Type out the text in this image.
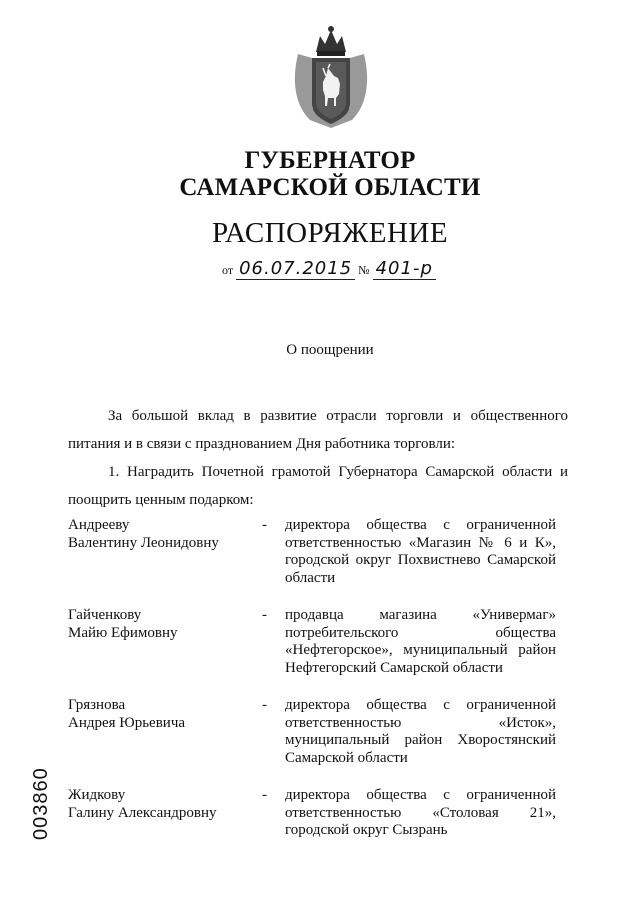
ГУБЕРНАТОР
САМАРСКОЙ ОБЛАСТИ
РАСПОРЯЖЕНИЕ
от 06.07.2015 № 401-р
О поощрении
За большой вклад в развитие отрасли торговли и общественного питания и в связи с празднованием Дня работника торговли:
1. Наградить Почетной грамотой Губернатора Самарской области и поощрить ценным подарком:
Андрееву
Валентину Леонидовну
- директора общества с ограниченной ответственностью «Магазин № 6 и К», городской округ Похвистнево Самарской области
Гайченкову
Майю Ефимовну
- продавца магазина «Универмаг» потребительского общества «Нефтегорское», муниципальный район Нефтегорский Самарской области
Грязнова
Андрея Юрьевича
- директора общества с ограниченной ответственностью «Исток», муниципальный район Хворостянский Самарской области
Жидкову
Галину Александровну
- директора общества с ограниченной ответственностью «Столовая 21», городской округ Сызрань
003860
